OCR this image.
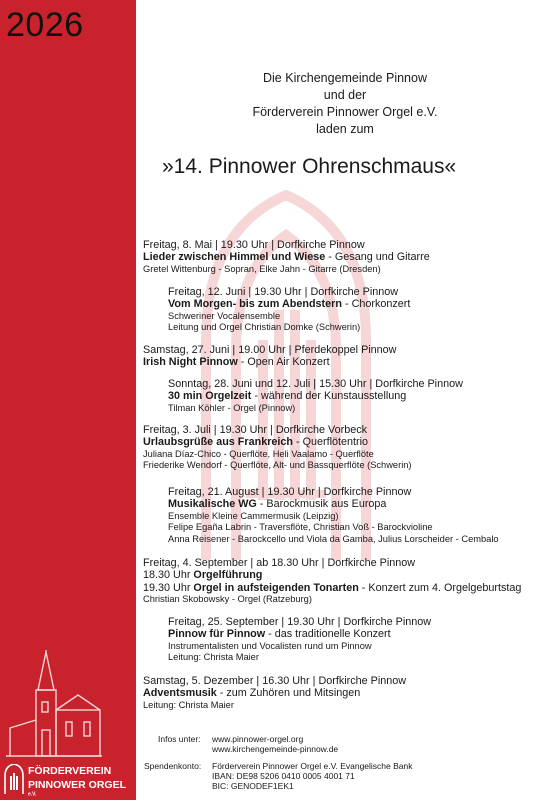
2026
Die Kirchengemeinde Pinnow
und der
Förderverein Pinnower Orgel e.V.
laden zum
»14. Pinnower Ohrenschmaus«
Freitag, 8. Mai | 19.30 Uhr | Dorfkirche Pinnow
Lieder zwischen Himmel und Wiese - Gesang und Gitarre
Gretel Wittenburg - Sopran, Elke Jahn - Gitarre (Dresden)
Freitag, 12. Juni | 19.30 Uhr | Dorfkirche Pinnow
Vom Morgen- bis zum Abendstern - Chorkonzert
Schweriner Vocalensemble
Leitung und Orgel Christian Domke (Schwerin)
Samstag, 27. Juni | 19.00 Uhr | Pferdekoppel Pinnow
Irish Night Pinnow - Open Air Konzert
Sonntag, 28. Juni und 12. Juli | 15.30 Uhr | Dorfkirche Pinnow
30 min Orgelzeit - während der Kunstausstellung
Tilman Köhler - Orgel (Pinnow)
Freitag, 3. Juli | 19.30 Uhr | Dorfkirche Vorbeck
Urlaubsgrüße aus Frankreich - Querflötentrio
Juliana Díaz-Chico - Querflöte, Heli Vaalamo - Querflöte
Friederike Wendorf - Querflöte, Alt- und Bassquerflöte (Schwerin)
Freitag, 21. August | 19.30 Uhr | Dorfkirche Pinnow
Musikalische WG - Barockmusik aus Europa
Ensemble Kleine Cammermusik (Leipzig)
Felipe Egaña Labrin - Traversflöte, Christian Voß - Barockvioline
Anna Reisener - Barockcello und Viola da Gamba, Julius Lorscheider - Cembalo
Freitag, 4. September | ab 18.30 Uhr | Dorfkirche Pinnow
18.30 Uhr Orgelführung
19.30 Uhr Orgel in aufsteigenden Tonarten - Konzert zum 4. Orgelgeburtstag
Christian Skobowsky - Orgel (Ratzeburg)
Freitag, 25. September | 19.30 Uhr | Dorfkirche Pinnow
Pinnow für Pinnow - das traditionelle Konzert
Instrumentalisten und Vocalisten rund um Pinnow
Leitung: Christa Maier
Samstag, 5. Dezember | 16.30 Uhr | Dorfkirche Pinnow
Adventsmusik - zum Zuhören und Mitsingen
Leitung: Christa Maier
Infos unter: www.pinnower-orgel.org
www.kirchengemeinde-pinnow.de
Spendenkonto: Förderverein Pinnower Orgel e.V. Evangelische Bank
IBAN: DE98 5206 0410 0005 4001 71
BIC: GENODEF1EK1
FÖRDERVEREIN
PINNOWER ORGEL $^{e.V.}$
